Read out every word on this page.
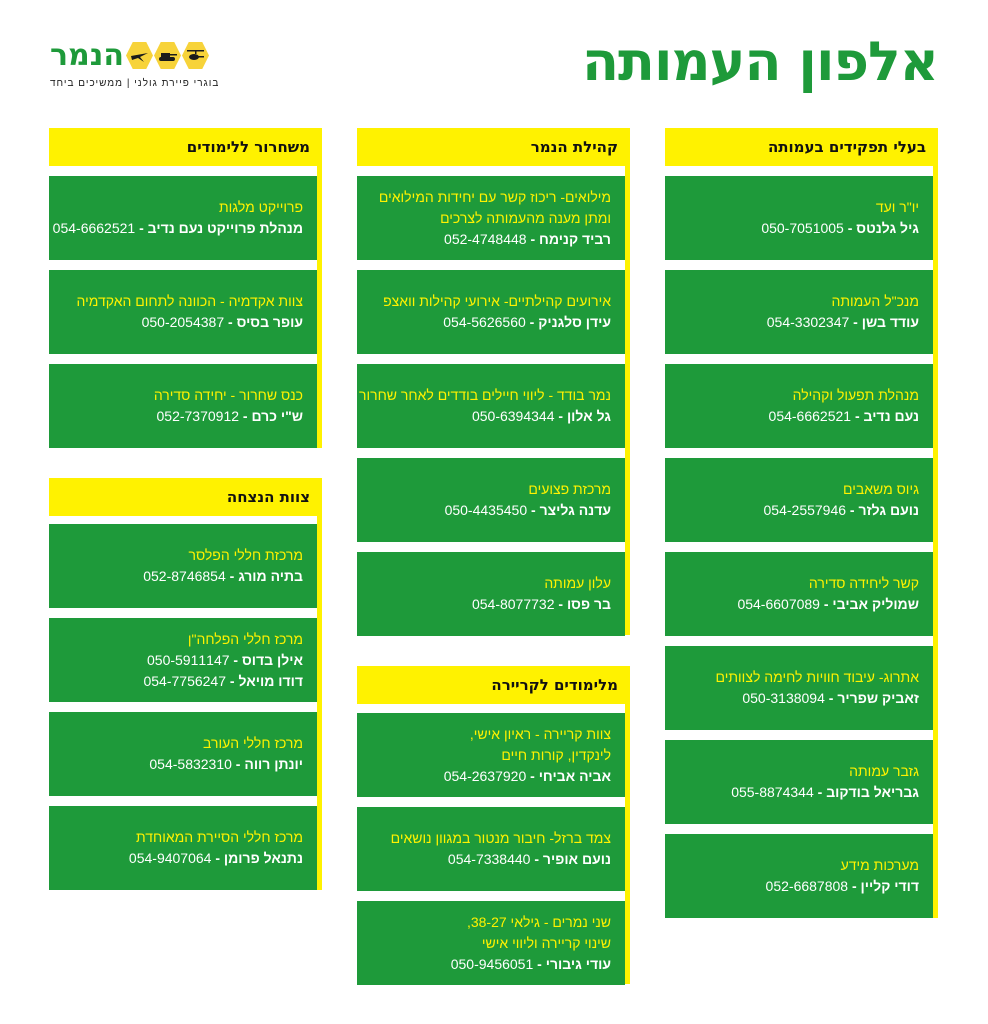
אלפון העמותה
הנמר
בוגרי פיירת גולני | ממשיכים ביחד
בעלי תפקידים בעמותה
יו"ר ועד
גיל גלנטס - 050-7051005
מנכ"ל העמותה
עודד בשן - 054-3302347
מנהלת תפעול וקהילה
נעם נדיב - 054-6662521
גיוס משאבים
נועם גלזר - 054-2557946
קשר ליחידה סדירה
שמוליק אביבי - 054-6607089
אתרוג- עיבוד חוויות לחימה לצוותים
זאביק שפריר - 050-3138094
גזבר עמותה
גבריאל בודקוב - 055-8874344
מערכות מידע
דודי קליין - 052-6687808
קהילת הנמר
מילואים- ריכוז קשר עם יחידות המילואים
ומתן מענה מהעמותה לצרכים
רביד קנימח - 052-4748448
אירועים קהילתיים- אירועי קהילות וואצפ
עידן סלגניק - 054-5626560
נמר בודד - ליווי חיילים בודדים לאחר שחרור
גל אלון - 050-6394344
מרכזת פצועים
עדנה גליצר - 050-4435450
עלון עמותה
בר פסו - 054-8077732
מלימודים לקריירה
צוות קריירה - ראיון אישי,
לינקדין, קורות חיים
אביה אביחי - 054-2637920
צמד ברזל- חיבור מנטור במגוון נושאים
נועם אופיר - 054-7338440
שני נמרים - גילאי 38-27,
שינוי קריירה וליווי אישי
עודי גיבורי - 050-9456051
משחרור ללימודים
פרוייקט מלגות
מנהלת פרוייקט נעם נדיב - 054-6662521
צוות אקדמיה - הכוונה לתחום האקדמיה
עופר בסיס - 050-2054387
כנס שחרור - יחידה סדירה
ש"י כרם - 052-7370912
צוות הנצחה
מרכזת חללי הפלסר
בתיה מורג - 052-8746854
מרכז חללי הפלחה"ן
אילן בדוס - 050-5911147
דודו מויאל - 054-7756247
מרכז חללי העורב
יונתן רווה - 054-5832310
מרכז חללי הסיירת המאוחדת
נתנאל פרומן - 054-9407064
